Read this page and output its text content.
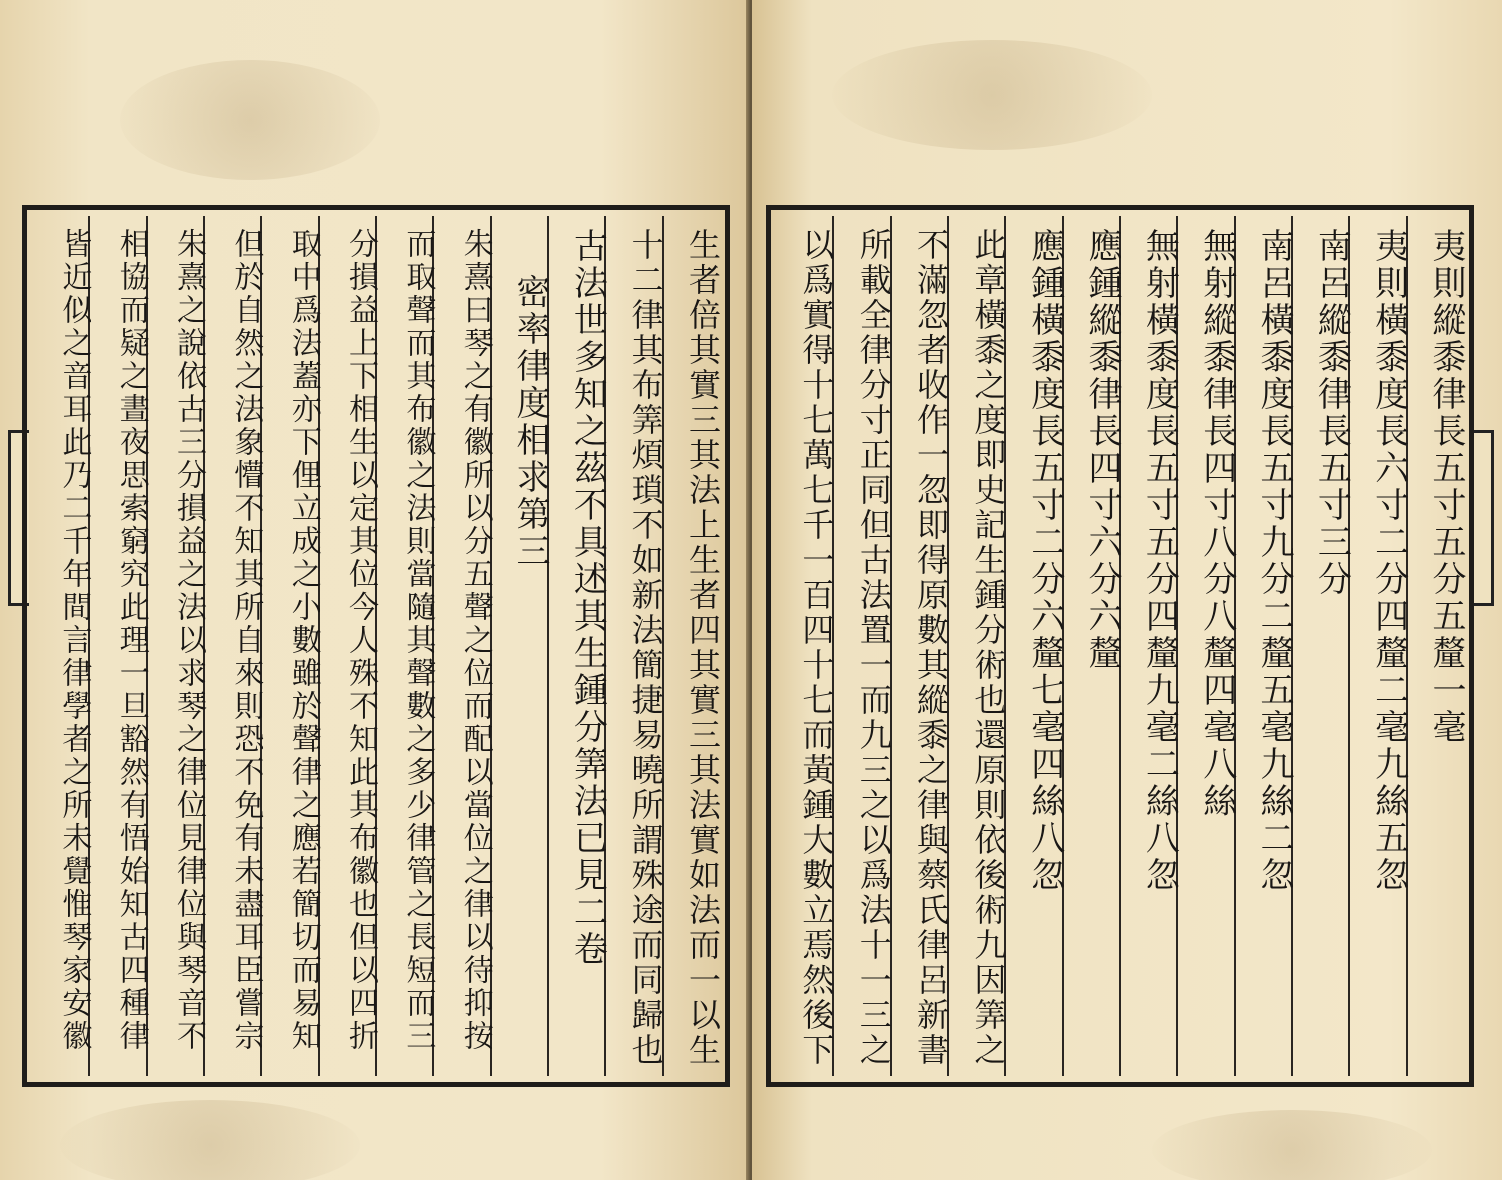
生者倍其實三其法上生者四其實三其法實如法而一以生
十二律其布筭煩瑣不如新法簡捷易曉所謂殊途而同歸也
古法世多知之茲不具述其生鍾分筭法已見二卷
密率律度相求第三
朱熹曰琴之有徽所以分五聲之位而配以當位之律以待抑按
而取聲而其布徽之法則當隨其聲數之多少律管之長短而三
分損益上下相生以定其位今人殊不知此其布徽也但以四折
取中爲法蓋亦下俚立成之小數雖於聲律之應若簡切而易知
但於自然之法象懵不知其所自來則恐不免有未盡耳臣嘗宗
朱熹之說依古三分損益之法以求琴之律位見律位與琴音不
相協而疑之晝夜思索窮究此理一旦豁然有悟始知古四種律
皆近似之音耳此乃二千年間言律學者之所未覺惟琴家安徽	夷則縱黍律長五寸五分五釐一毫
夷則橫黍度長六寸二分四釐二毫九絲五忽
南呂縱黍律長五寸三分
南呂橫黍度長五寸九分二釐五毫九絲二忽
無射縱黍律長四寸八分八釐四毫八絲
無射橫黍度長五寸五分四釐九毫二絲八忽
應鍾縱黍律長四寸六分六釐
應鍾橫黍度長五寸二分六釐七毫四絲八忽
此章橫黍之度即史記生鍾分術也還原則依後術九因筭之
不滿忽者收作一忽即得原數其縱黍之律與蔡氏律呂新書
所載全律分寸正同但古法置一而九三之以爲法十一三之
以爲實得十七萬七千一百四十七而黃鍾大數立焉然後下
